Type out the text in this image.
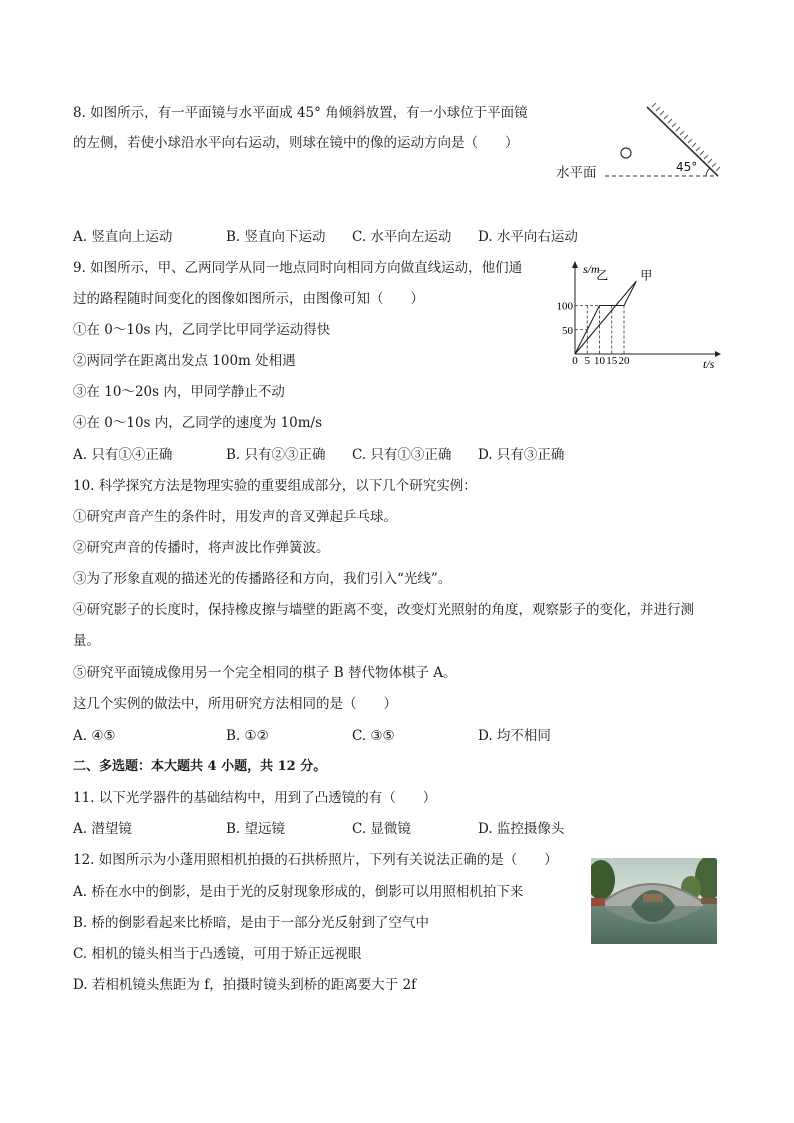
8. 如图所示，有一平面镜与水平面成 45° 角倾斜放置，有一小球位于平面镜
的左侧，若使小球沿水平向右运动，则球在镜中的像的运动方向是（　　）
45°
水平面
A. 竖直向上运动	B. 竖直向下运动 C. 水平向左运动 D. 水平向右运动
9. 如图所示，甲、乙两同学从同一地点同时向相同方向做直线运动，他们通
过的路程随时间变化的图像如图所示，由图像可知（　　）
①在 0～10s 内，乙同学比甲同学运动得快
②两同学在距离出发点 100m 处相遇
③在 10～20s 内，甲同学静止不动
④在 0～10s 内，乙同学的速度为 10m/s
s/m
t/s
0 5 10 15 20
50
100
甲
乙
A. 只有①④正确	B. 只有②③正确 C. 只有①③正确 D. 只有③正确
10. 科学探究方法是物理实验的重要组成部分，以下几个研究实例：
①研究声音产生的条件时，用发声的音叉弹起乒乓球。
②研究声音的传播时，将声波比作弹簧波。
③为了形象直观的描述光的传播路径和方向，我们引入“光线”。
④研究影子的长度时，保持橡皮擦与墙壁的距离不变，改变灯光照射的角度，观察影子的变化，并进行测
量。
⑤研究平面镜成像用另一个完全相同的棋子 B 替代物体棋子 A。
这几个实例的做法中，所用研究方法相同的是（　　）
A. ④⑤	B. ①②	C. ③⑤	D. 均不相同
二、多选题：本大题共 4 小题，共 12 分。
11. 以下光学器件的基础结构中，用到了凸透镜的有（　　）
A. 潜望镜	B. 望远镜	C. 显微镜	D. 监控摄像头
12. 如图所示为小蓬用照相机拍摄的石拱桥照片，下列有关说法正确的是（　　）
A. 桥在水中的倒影，是由于光的反射现象形成的，倒影可以用照相机拍下来
B. 桥的倒影看起来比桥暗，是由于一部分光反射到了空气中
C. 相机的镜头相当于凸透镜，可用于矫正远视眼
D. 若相机镜头焦距为 f，拍摄时镜头到桥的距离要大于 2f
